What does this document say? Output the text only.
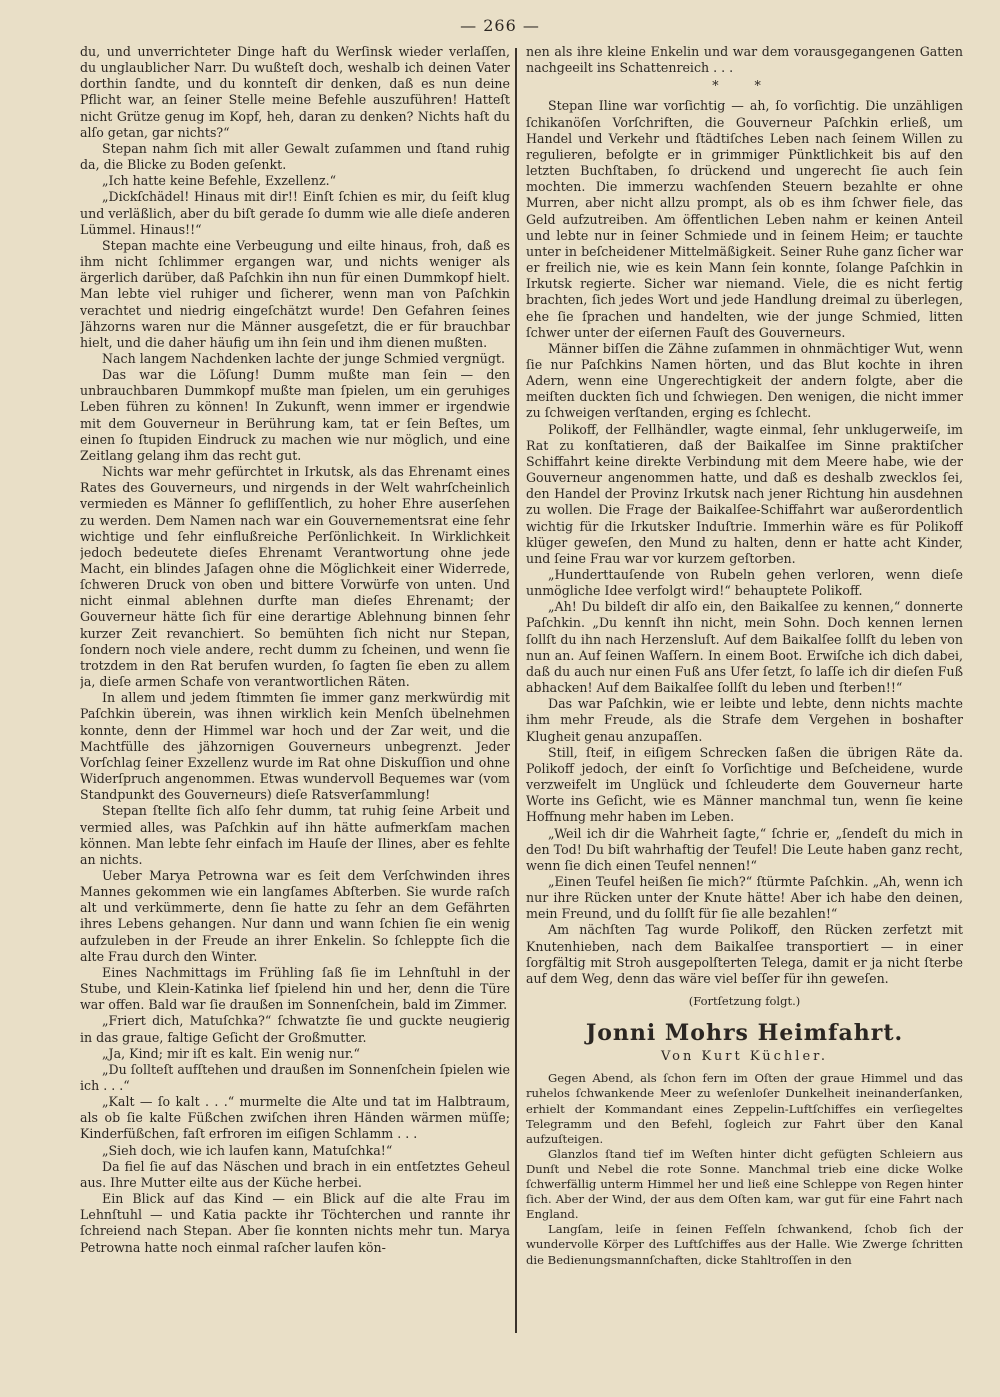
— 266 —

du, und unverrichteter Dinge haft du Werſinsk wieder verlaſſen, du unglaublicher Narr. Du wußteſt doch, weshalb ich deinen Vater dorthin ſandte, und du konnteſt dir denken, daß es nun deine Pflicht war, an ſeiner Stelle meine Befehle auszuführen! Hatteſt nicht Grütze genug im Kopf, heh, daran zu denken? Nichts haſt du alſo getan, gar nichts?“

Stepan nahm ſich mit aller Gewalt zuſammen und ſtand ruhig da, die Blicke zu Boden geſenkt.

„Ich hatte keine Befehle, Exzellenz.“

„Dickſchädel! Hinaus mit dir!! Einſt ſchien es mir, du ſeiſt klug und verläßlich, aber du biſt gerade ſo dumm wie alle dieſe anderen Lümmel. Hinaus!!“

Stepan machte eine Verbeugung und eilte hinaus, froh, daß es ihm nicht ſchlimmer ergangen war, und nichts weniger als ärgerlich darüber, daß Paſchkin ihn nun für einen Dummkopf hielt. Man lebte viel ruhiger und ſicherer, wenn man von Paſchkin verachtet und niedrig eingeſchätzt wurde! Den Gefahren ſeines Jähzorns waren nur die Männer ausgeſetzt, die er für brauchbar hielt, und die daher häufig um ihn ſein und ihm dienen mußten.

Nach langem Nachdenken lachte der junge Schmied vergnügt.

Das war die Löſung! Dumm mußte man ſein — den unbrauchbaren Dummkopf mußte man ſpielen, um ein geruhiges Leben führen zu können! In Zukunft, wenn immer er irgendwie mit dem Gouverneur in Berührung kam, tat er ſein Beſtes, um einen ſo ſtupiden Eindruck zu machen wie nur möglich, und eine Zeitlang gelang ihm das recht gut.

Nichts war mehr gefürchtet in Irkutsk, als das Ehrenamt eines Rates des Gouverneurs, und nirgends in der Welt wahrſcheinlich vermieden es Männer ſo gefliſſentlich, zu hoher Ehre auserſehen zu werden. Dem Namen nach war ein Gouvernementsrat eine ſehr wichtige und ſehr einflußreiche Perſönlichkeit. In Wirklichkeit jedoch bedeutete dieſes Ehrenamt Verantwortung ohne jede Macht, ein blindes Jaſagen ohne die Möglichkeit einer Widerrede, ſchweren Druck von oben und bittere Vorwürfe von unten. Und nicht einmal ablehnen durfte man dieſes Ehrenamt; der Gouverneur hätte ſich für eine derartige Ablehnung binnen ſehr kurzer Zeit revanchiert. So bemühten ſich nicht nur Stepan, ſondern noch viele andere, recht dumm zu ſcheinen, und wenn ſie trotzdem in den Rat berufen wurden, ſo ſagten ſie eben zu allem ja, dieſe armen Schafe von verantwortlichen Räten.

In allem und jedem ſtimmten ſie immer ganz merkwürdig mit Paſchkin überein, was ihnen wirklich kein Menſch übelnehmen konnte, denn der Himmel war hoch und der Zar weit, und die Machtfülle des jähzornigen Gouverneurs unbegrenzt. Jeder Vorſchlag ſeiner Exzellenz wurde im Rat ohne Diskuſſion und ohne Widerſpruch angenommen. Etwas wundervoll Bequemes war (vom Standpunkt des Gouverneurs) dieſe Ratsverſammlung!

Stepan ſtellte ſich alſo ſehr dumm, tat ruhig ſeine Arbeit und vermied alles, was Paſchkin auf ihn hätte aufmerkſam machen können. Man lebte ſehr einfach im Hauſe der Ilines, aber es fehlte an nichts.

Ueber Marya Petrowna war es ſeit dem Verſchwinden ihres Mannes gekommen wie ein langſames Abſterben. Sie wurde raſch alt und verkümmerte, denn ſie hatte zu ſehr an dem Gefährten ihres Lebens gehangen. Nur dann und wann ſchien ſie ein wenig aufzuleben in der Freude an ihrer Enkelin. So ſchleppte ſich die alte Frau durch den Winter.

Eines Nachmittags im Frühling ſaß ſie im Lehnſtuhl in der Stube, und Klein-Katinka lief ſpielend hin und her, denn die Türe war offen. Bald war ſie draußen im Sonnenſchein, bald im Zimmer.

„Friert dich, Matuſchka?“ ſchwatzte ſie und guckte neugierig in das graue, faltige Geſicht der Großmutter.

„Ja, Kind; mir iſt es kalt. Ein wenig nur.“

„Du ſollteſt aufſtehen und draußen im Sonnenſchein ſpielen wie ich . . .“

„Kalt — ſo kalt . . .“ murmelte die Alte und tat im Halbtraum, als ob ſie kalte Füßchen zwiſchen ihren Händen wärmen müſſe; Kinderfüßchen, faſt erfroren im eiſigen Schlamm . . .

„Sieh doch, wie ich laufen kann, Matuſchka!“

Da fiel ſie auf das Näschen und brach in ein entſetztes Geheul aus. Ihre Mutter eilte aus der Küche herbei.

Ein Blick auf das Kind — ein Blick auf die alte Frau im Lehnſtuhl — und Katia packte ihr Töchterchen und rannte ihr ſchreiend nach Stepan. Aber ſie konnten nichts mehr tun. Marya Petrowna hatte noch einmal raſcher laufen kön-

nen als ihre kleine Enkelin und war dem vorausgegangenen Gatten nachgeeilt ins Schattenreich . . .

* *

Stepan Iline war vorſichtig — ah, ſo vorſichtig. Die unzähligen ſchikanöſen Vorſchriften, die Gouverneur Paſchkin erließ, um Handel und Verkehr und ſtädtiſches Leben nach ſeinem Willen zu regulieren, befolgte er in grimmiger Pünktlichkeit bis auf den letzten Buchſtaben, ſo drückend und ungerecht ſie auch ſein mochten. Die immerzu wachſenden Steuern bezahlte er ohne Murren, aber nicht allzu prompt, als ob es ihm ſchwer fiele, das Geld aufzutreiben. Am öffentlichen Leben nahm er keinen Anteil und lebte nur in ſeiner Schmiede und in ſeinem Heim; er tauchte unter in beſcheidener Mittelmäßigkeit. Seiner Ruhe ganz ſicher war er freilich nie, wie es kein Mann ſein konnte, ſolange Paſchkin in Irkutsk regierte. Sicher war niemand. Viele, die es nicht fertig brachten, ſich jedes Wort und jede Handlung dreimal zu überlegen, ehe ſie ſprachen und handelten, wie der junge Schmied, litten ſchwer unter der eiſernen Fauſt des Gouverneurs.

Männer biſſen die Zähne zuſammen in ohnmächtiger Wut, wenn ſie nur Paſchkins Namen hörten, und das Blut kochte in ihren Adern, wenn eine Ungerechtigkeit der andern folgte, aber die meiſten duckten ſich und ſchwiegen. Den wenigen, die nicht immer zu ſchweigen verſtanden, erging es ſchlecht.

Polikoff, der Fellhändler, wagte einmal, ſehr unklugerweiſe, im Rat zu konſtatieren, daß der Baikalſee im Sinne praktiſcher Schiffahrt keine direkte Verbindung mit dem Meere habe, wie der Gouverneur angenommen hatte, und daß es deshalb zwecklos ſei, den Handel der Provinz Irkutsk nach jener Richtung hin ausdehnen zu wollen. Die Frage der Baikalſee-Schiffahrt war außerordentlich wichtig für die Irkutsker Induſtrie. Immerhin wäre es für Polikoff klüger geweſen, den Mund zu halten, denn er hatte acht Kinder, und ſeine Frau war vor kurzem geſtorben.

„Hunderttauſende von Rubeln gehen verloren, wenn dieſe unmögliche Idee verfolgt wird!“ behauptete Polikoff.

„Ah! Du bildeſt dir alſo ein, den Baikalſee zu kennen,“ donnerte Paſchkin. „Du kennſt ihn nicht, mein Sohn. Doch kennen lernen ſollſt du ihn nach Herzensluſt. Auf dem Baikalſee ſollſt du leben von nun an. Auf ſeinen Waſſern. In einem Boot. Erwiſche ich dich dabei, daß du auch nur einen Fuß ans Ufer ſetzt, ſo laſſe ich dir dieſen Fuß abhacken! Auf dem Baikalſee ſollſt du leben und ſterben!!“

Das war Paſchkin, wie er leibte und lebte, denn nichts machte ihm mehr Freude, als die Strafe dem Vergehen in boshafter Klugheit genau anzupaſſen.

Still, ſteif, in eiſigem Schrecken ſaßen die übrigen Räte da. Polikoff jedoch, der einſt ſo Vorſichtige und Beſcheidene, wurde verzweifelt im Unglück und ſchleuderte dem Gouverneur harte Worte ins Geſicht, wie es Männer manchmal tun, wenn ſie keine Hoffnung mehr haben im Leben.

„Weil ich dir die Wahrheit ſagte,“ ſchrie er, „ſendeſt du mich in den Tod! Du biſt wahrhaftig der Teufel! Die Leute haben ganz recht, wenn ſie dich einen Teufel nennen!“

„Einen Teufel heißen ſie mich?“ ſtürmte Paſchkin. „Ah, wenn ich nur ihre Rücken unter der Knute hätte! Aber ich habe den deinen, mein Freund, und du ſollſt für ſie alle bezahlen!“

Am nächſten Tag wurde Polikoff, den Rücken zerfetzt mit Knutenhieben, nach dem Baikalſee transportiert — in einer ſorgfältig mit Stroh ausgepolſterten Telega, damit er ja nicht ſterbe auf dem Weg, denn das wäre viel beſſer für ihn geweſen.

(Fortſetzung folgt.)
Jonni Mohrs Heimfahrt.
Von Kurt Küchler.

Gegen Abend, als ſchon fern im Oſten der graue Himmel und das ruhelos ſchwankende Meer zu weſenloſer Dunkelheit ineinanderſanken, erhielt der Kommandant eines Zeppelin-Luftſchiffes ein verſiegeltes Telegramm und den Befehl, ſogleich zur Fahrt über den Kanal aufzuſteigen.

Glanzlos ſtand tief im Weſten hinter dicht gefügten Schleiern aus Dunſt und Nebel die rote Sonne. Manchmal trieb eine dicke Wolke ſchwerfällig unterm Himmel her und ließ eine Schleppe von Regen hinter ſich. Aber der Wind, der aus dem Oſten kam, war gut für eine Fahrt nach England.

Langſam, leiſe in ſeinen Feſſeln ſchwankend, ſchob ſich der wundervolle Körper des Luftſchiffes aus der Halle. Wie Zwerge ſchritten die Bedienungsmannſchaften, dicke Stahltroſſen in den
